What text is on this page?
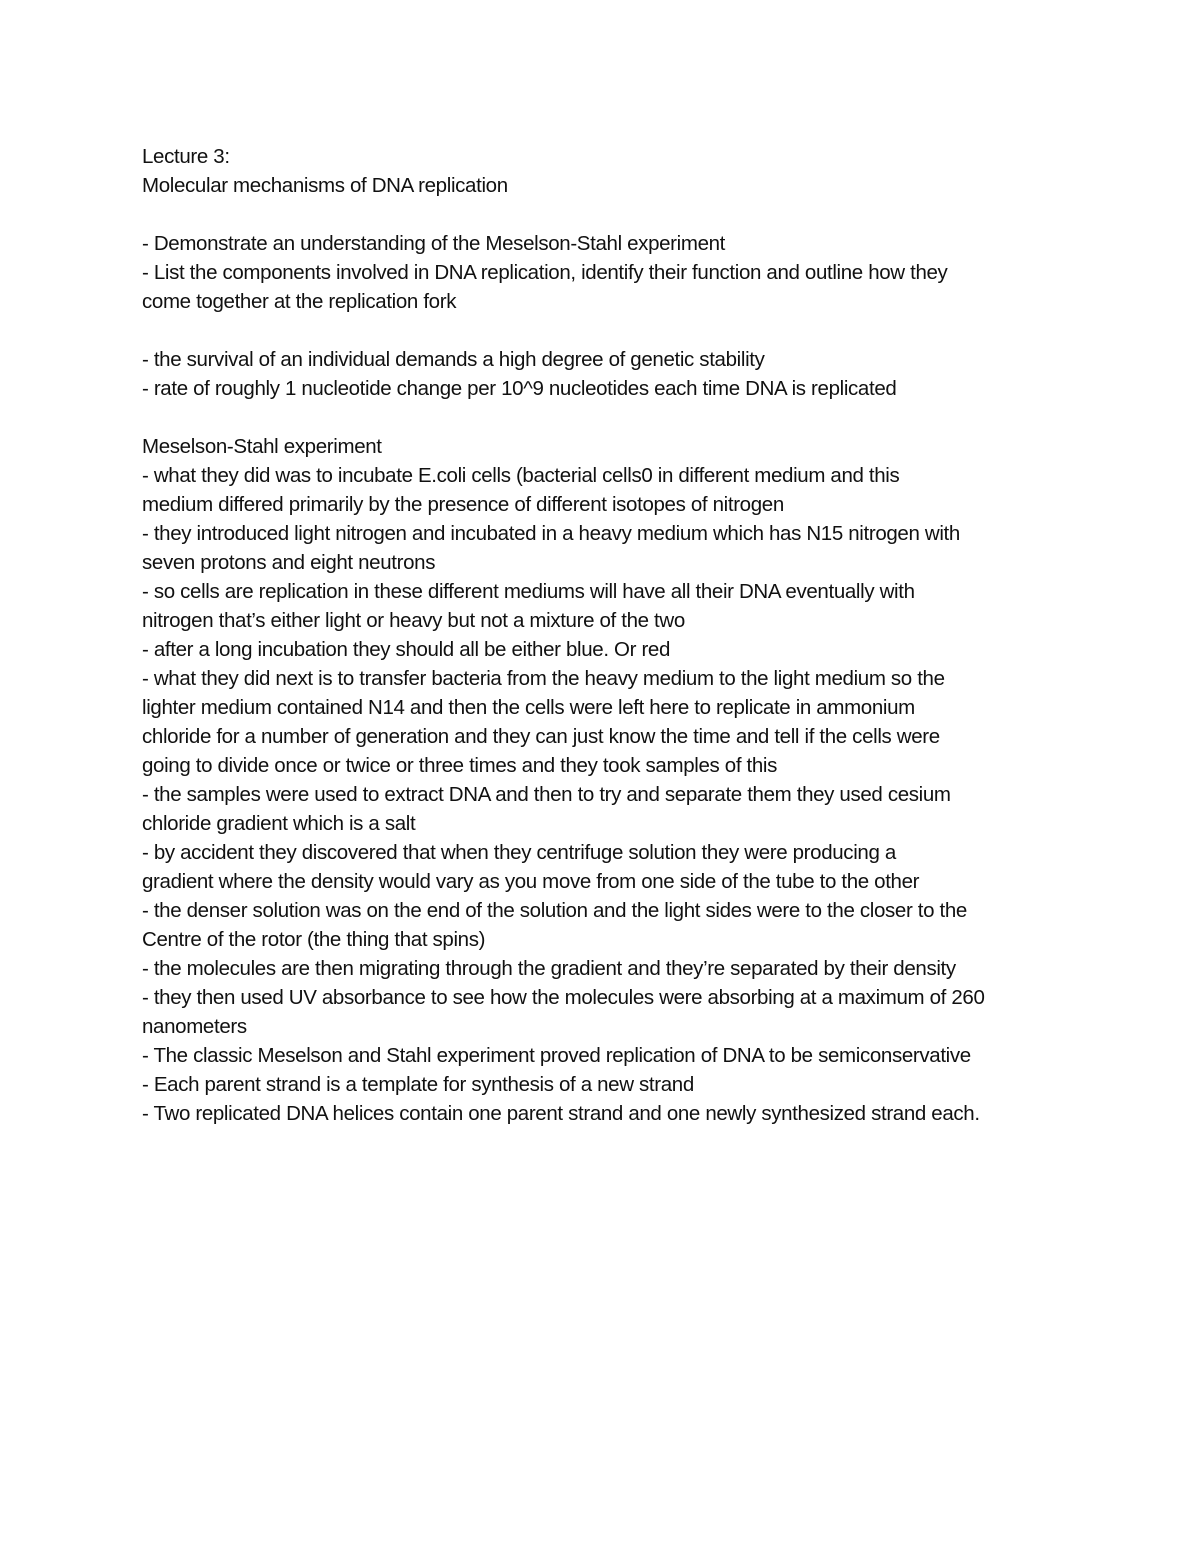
Lecture 3:

Molecular mechanisms of DNA replication

- Demonstrate an understanding of the Meselson-Stahl experiment

- List the components involved in DNA replication, identify their function and outline how they

come together at the replication fork

- the survival of an individual demands a high degree of genetic stability

- rate of roughly 1 nucleotide change per 10^9 nucleotides each time DNA is replicated

Meselson-Stahl experiment

- what they did was to incubate E.coli cells (bacterial cells0 in different medium and this

medium differed primarily by the presence of different isotopes of nitrogen

- they introduced light nitrogen and incubated in a heavy medium which has N15 nitrogen with

seven protons and eight neutrons

- so cells are replication in these different mediums will have all their DNA eventually with

nitrogen that’s either light or heavy but not a mixture of the two

- after a long incubation they should all be either blue. Or red

- what they did next is to transfer bacteria from the heavy medium to the light medium so the

lighter medium contained N14 and then the cells were left here to replicate in ammonium

chloride for a number of generation and they can just know the time and tell if the cells were

going to divide once or twice or three times and they took samples of this

- the samples were used to extract DNA and then to try and separate them they used cesium

chloride gradient which is a salt

- by accident they discovered that when they centrifuge solution they were producing a

gradient where the density would vary as you move from one side of the tube to the other

- the denser solution was on the end of the solution and the light sides were to the closer to the

Centre of the rotor (the thing that spins)

- the molecules are then migrating through the gradient and they’re separated by their density

- they then used UV absorbance to see how the molecules were absorbing at a maximum of 260

nanometers

- The classic Meselson and Stahl experiment proved replication of DNA to be semiconservative

- Each parent strand is a template for synthesis of a new strand

- Two replicated DNA helices contain one parent strand and one newly synthesized strand each.
